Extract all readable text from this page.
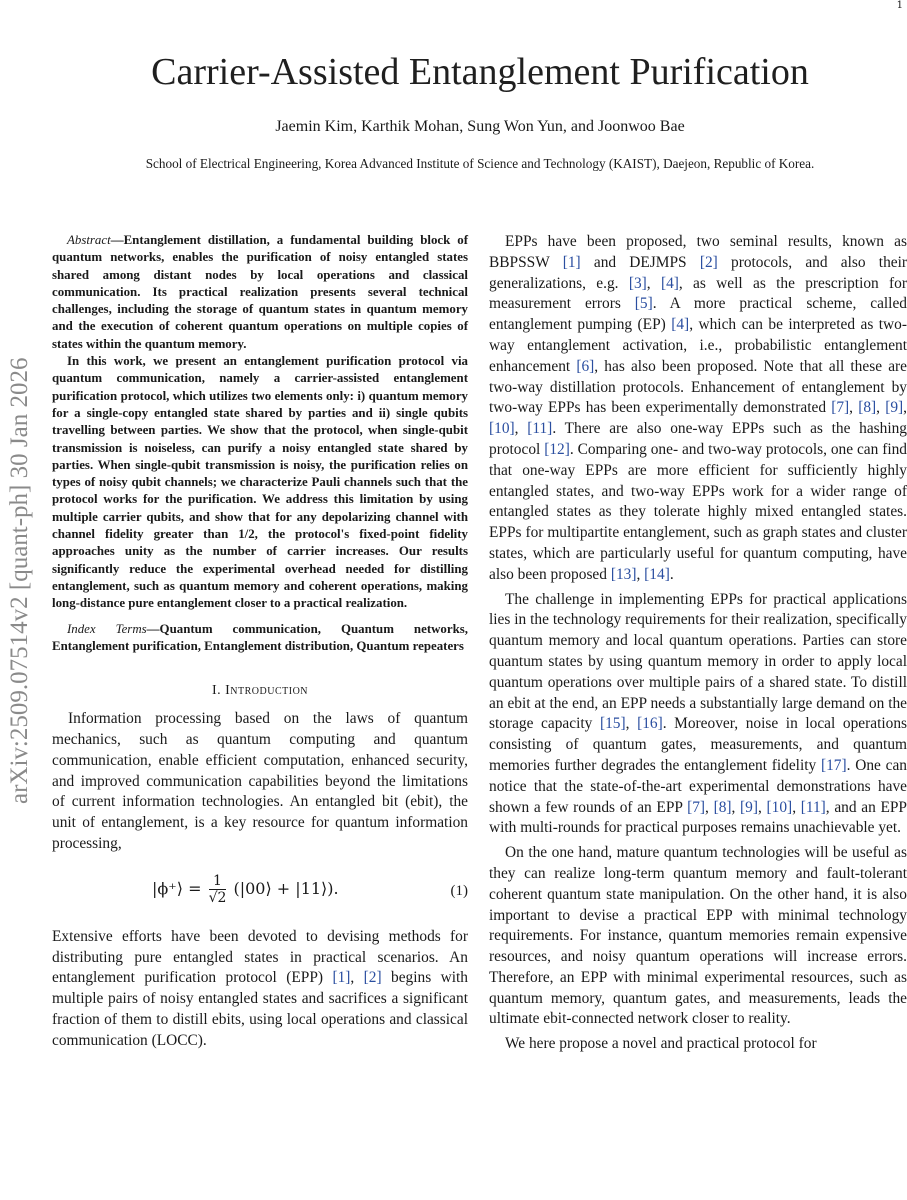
1
arXiv:2509.07514v2 [quant-ph] 30 Jan 2026
Carrier-Assisted Entanglement Purification
Jaemin Kim, Karthik Mohan, Sung Won Yun, and Joonwoo Bae
School of Electrical Engineering, Korea Advanced Institute of Science and Technology (KAIST), Daejeon, Republic of Korea.

Abstract—Entanglement distillation, a fundamental building block of quantum networks, enables the purification of noisy entangled states shared among distant nodes by local operations and classical communication. Its practical realization presents several technical challenges, including the storage of quantum states in quantum memory and the execution of coherent quantum operations on multiple copies of states within the quantum memory.

In this work, we present an entanglement purification protocol via quantum communication, namely a carrier-assisted entanglement purification protocol, which utilizes two elements only: i) quantum memory for a single-copy entangled state shared by parties and ii) single qubits travelling between parties. We show that the protocol, when single-qubit transmission is noiseless, can purify a noisy entangled state shared by parties. When single-qubit transmission is noisy, the purification relies on types of noisy qubit channels; we characterize Pauli channels such that the protocol works for the purification. We address this limitation by using multiple carrier qubits, and show that for any depolarizing channel with channel fidelity greater than 1/2, the protocol's fixed-point fidelity approaches unity as the number of carrier increases. Our results significantly reduce the experimental overhead needed for distilling entanglement, such as quantum memory and coherent operations, making long-distance pure entanglement closer to a practical realization.

Index Terms—Quantum communication, Quantum networks, Entanglement purification, Entanglement distribution, Quantum repeaters

I. Introduction

Information processing based on the laws of quantum mechanics, such as quantum computing and quantum communication, enable efficient computation, enhanced security, and improved communication capabilities beyond the limitations of current information technologies. An entangled bit (ebit), the unit of entanglement, is a key resource for quantum information processing,

|ϕ⁺⟩ = $\frac{1}{√2}$ (|00⟩ + |11⟩).	(1)

Extensive efforts have been devoted to devising methods for distributing pure entangled states in practical scenarios. An entanglement purification protocol (EPP) [1], [2] begins with multiple pairs of noisy entangled states and sacrifices a significant fraction of them to distill ebits, using local operations and classical communication (LOCC).

EPPs have been proposed, two seminal results, known as BBPSSW [1] and DEJMPS [2] protocols, and also their generalizations, e.g. [3], [4], as well as the prescription for measurement errors [5]. A more practical scheme, called entanglement pumping (EP) [4], which can be interpreted as two-way entanglement activation, i.e., probabilistic entanglement enhancement [6], has also been proposed. Note that all these are two-way distillation protocols. Enhancement of entanglement by two-way EPPs has been experimentally demonstrated [7], [8], [9], [10], [11]. There are also one-way EPPs such as the hashing protocol [12]. Comparing one- and two-way protocols, one can find that one-way EPPs are more efficient for sufficiently highly entangled states, and two-way EPPs work for a wider range of entangled states as they tolerate highly mixed entangled states. EPPs for multipartite entanglement, such as graph states and cluster states, which are particularly useful for quantum computing, have also been proposed [13], [14].

The challenge in implementing EPPs for practical applications lies in the technology requirements for their realization, specifically quantum memory and local quantum operations. Parties can store quantum states by using quantum memory in order to apply local quantum operations over multiple pairs of a shared state. To distill an ebit at the end, an EPP needs a substantially large demand on the storage capacity [15], [16]. Moreover, noise in local operations consisting of quantum gates, measurements, and quantum memories further degrades the entanglement fidelity [17]. One can notice that the state-of-the-art experimental demonstrations have shown a few rounds of an EPP [7], [8], [9], [10], [11], and an EPP with multi-rounds for practical purposes remains unachievable yet.

On the one hand, mature quantum technologies will be useful as they can realize long-term quantum memory and fault-tolerant coherent quantum state manipulation. On the other hand, it is also important to devise a practical EPP with minimal technology requirements. For instance, quantum memories remain expensive resources, and noisy quantum operations will increase errors. Therefore, an EPP with minimal experimental resources, such as quantum memory, quantum gates, and measurements, leads the ultimate ebit-connected network closer to reality.

We here propose a novel and practical protocol for
